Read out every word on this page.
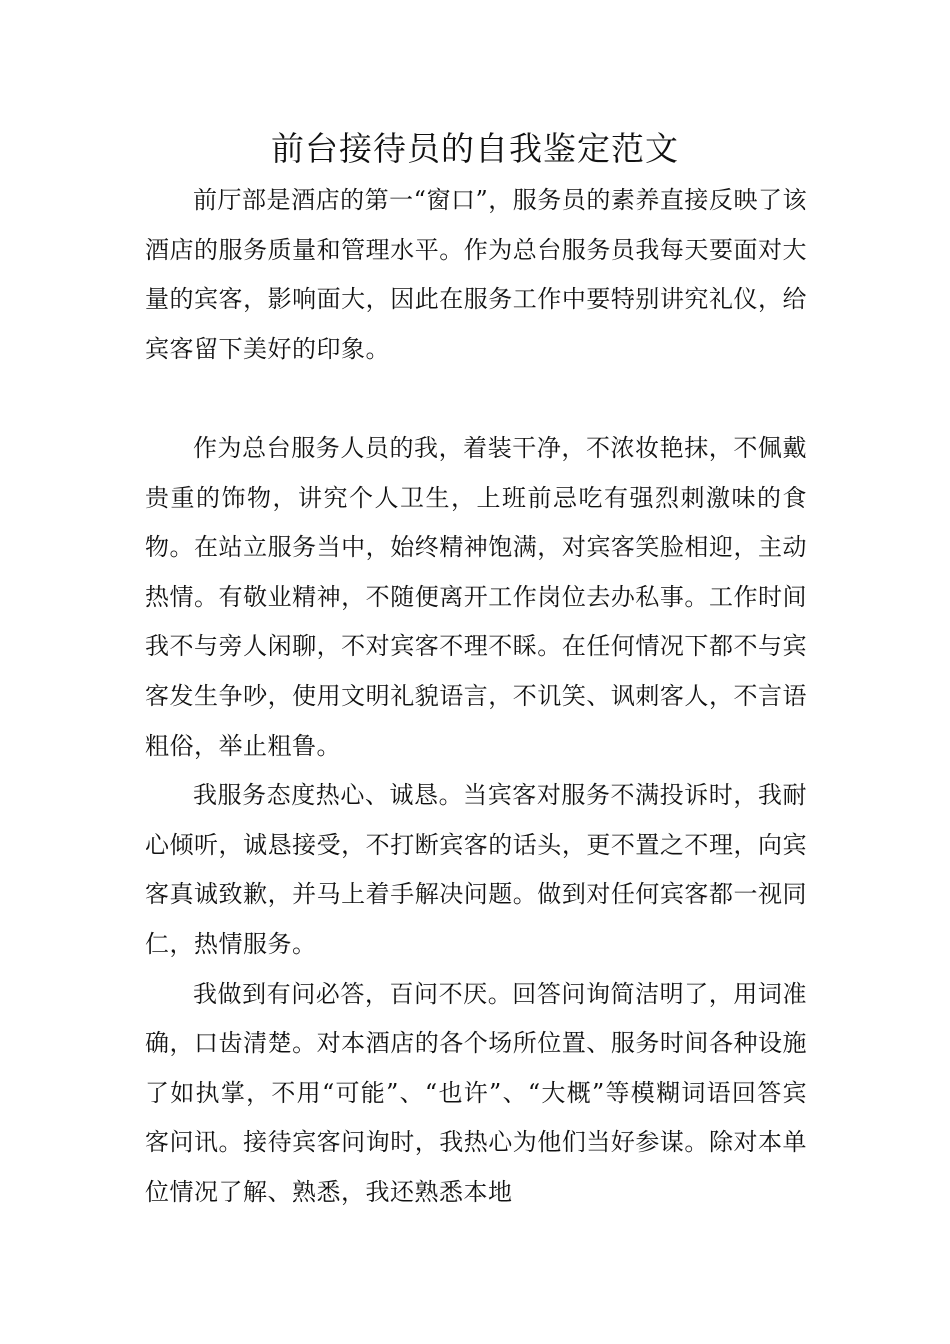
前台接待员的自我鉴定范文

前厅部是酒店的第一“窗口”，服务员的素养直接反映了该酒店的服务质量和管理水平。作为总台服务员我每天要面对大量的宾客，影响面大，因此在服务工作中要特别讲究礼仪，给宾客留下美好的印象。

作为总台服务人员的我，着装干净，不浓妆艳抹，不佩戴贵重的饰物，讲究个人卫生，上班前忌吃有强烈刺激味的食物。在站立服务当中，始终精神饱满，对宾客笑脸相迎，主动热情。有敬业精神，不随便离开工作岗位去办私事。工作时间我不与旁人闲聊，不对宾客不理不睬。在任何情况下都不与宾客发生争吵，使用文明礼貌语言，不讥笑、讽刺客人，不言语粗俗，举止粗鲁。

我服务态度热心、诚恳。当宾客对服务不满投诉时，我耐心倾听，诚恳接受，不打断宾客的话头，更不置之不理，向宾客真诚致歉，并马上着手解决问题。做到对任何宾客都一视同仁，热情服务。

我做到有问必答，百问不厌。回答问询简洁明了，用词准确，口齿清楚。对本酒店的各个场所位置、服务时间各种设施了如执掌，不用“可能”、“也许”、“大概”等模糊词语回答宾客问讯。接待宾客问询时，我热心为他们当好参谋。除对本单位情况了解、熟悉，我还熟悉本地
